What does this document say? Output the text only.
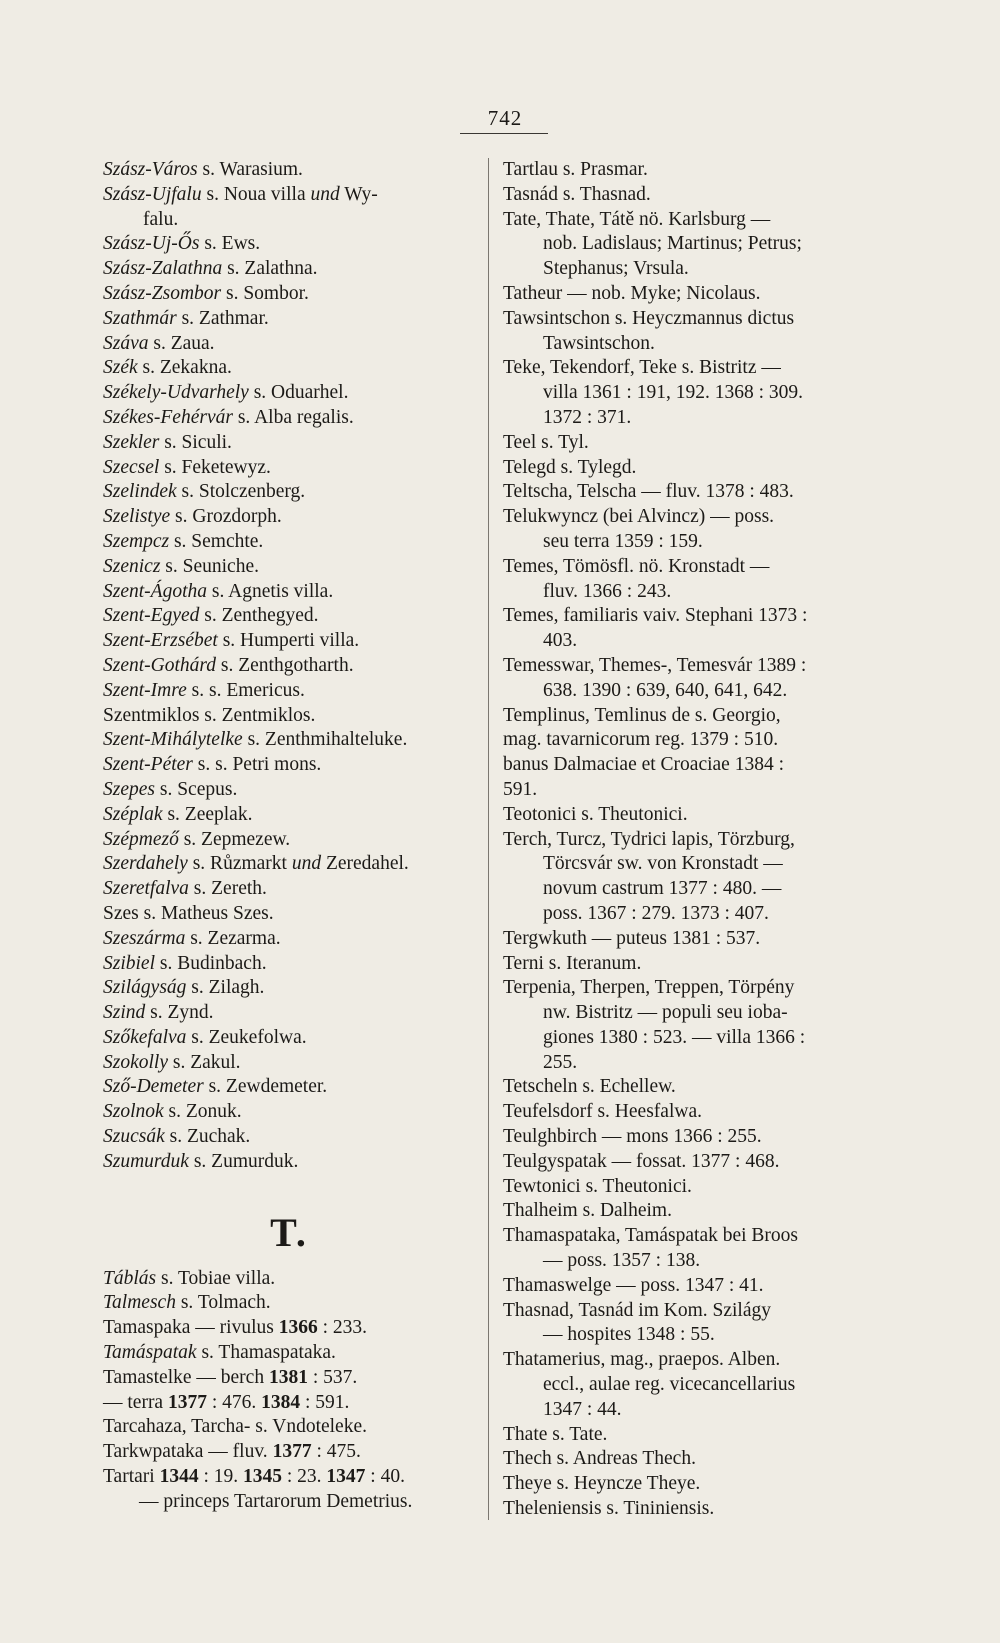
742
Szász-Város s. Warasium.
Szász-Ujfalu s. Noua villa und Wy-
falu.
Szász-Uj-Ős s. Ews.
Szász-Zalathna s. Zalathna.
Szász-Zsombor s. Sombor.
Szathmár s. Zathmar.
Száva s. Zaua.
Szék s. Zekakna.
Székely-Udvarhely s. Oduarhel.
Székes-Fehérvár s. Alba regalis.
Szekler s. Siculi.
Szecsel s. Feketewyz.
Szelindek s. Stolczenberg.
Szelistye s. Grozdorph.
Szempcz s. Semchte.
Szenicz s. Seuniche.
Szent-Ágotha s. Agnetis villa.
Szent-Egyed s. Zenthegyed.
Szent-Erzsébet s. Humperti villa.
Szent-Gothárd s. Zenthgotharth.
Szent-Imre s. s. Emericus.
Szentmiklos s. Zentmiklos.
Szent-Mihálytelke s. Zenthmihalteluke.
Szent-Péter s. s. Petri mons.
Szepes s. Scepus.
Széplak s. Zeeplak.
Szépmező s. Zepmezew.
Szerdahely s. Růzmarkt und Zeredahel.
Szeretfalva s. Zereth.
Szes s. Matheus Szes.
Szeszárma s. Zezarma.
Szibiel s. Budinbach.
Szilágyság s. Zilagh.
Szind s. Zynd.
Szőkefalva s. Zeukefolwa.
Szokolly s. Zakul.
Sző-Demeter s. Zewdemeter.
Szolnok s. Zonuk.
Szucsák s. Zuchak.
Szumurduk s. Zumurduk.
T.
Táblás s. Tobiae villa.
Talmesch s. Tolmach.
Tamaspaka — rivulus 1366 : 233.
Tamáspatak s. Thamaspataka.
Tamastelke — berch 1381 : 537.
— terra 1377 : 476. 1384 : 591.
Tarcahaza, Tarcha- s. Vndoteleke.
Tarkwpataka — fluv. 1377 : 475.
Tartari 1344 : 19. 1345 : 23. 1347 : 40.
— princeps Tartarorum Demetrius.
Tartlau s. Prasmar.
Tasnád s. Thasnad.
Tate, Thate, Tátě nö. Karlsburg —
nob. Ladislaus; Martinus; Petrus;
Stephanus; Vrsula.
Tatheur — nob. Myke; Nicolaus.
Tawsintschon s. Heyczmannus dictus
Tawsintschon.
Teke, Tekendorf, Teke s. Bistritz —
villa 1361 : 191, 192. 1368 : 309.
1372 : 371.
Teel s. Tyl.
Telegd s. Tylegd.
Teltscha, Telscha — fluv. 1378 : 483.
Telukwyncz (bei Alvincz) — poss.
seu terra 1359 : 159.
Temes, Tömösfl. nö. Kronstadt —
fluv. 1366 : 243.
Temes, familiaris vaiv. Stephani 1373 :
403.
Temesswar, Themes-, Temesvár 1389 :
638. 1390 : 639, 640, 641, 642.
Templinus, Temlinus de s. Georgio,
mag. tavarnicorum reg. 1379 : 510.
banus Dalmaciae et Croaciae 1384 :
591.
Teotonici s. Theutonici.
Terch, Turcz, Tydrici lapis, Törzburg,
Törcsvár sw. von Kronstadt —
novum castrum 1377 : 480. —
poss. 1367 : 279. 1373 : 407.
Tergwkuth — puteus 1381 : 537.
Terni s. Iteranum.
Terpenia, Therpen, Treppen, Törpény
nw. Bistritz — populi seu ioba-
giones 1380 : 523. — villa 1366 :
255.
Tetscheln s. Echellew.
Teufelsdorf s. Heesfalwa.
Teulghbirch — mons 1366 : 255.
Teulgyspatak — fossat. 1377 : 468.
Tewtonici s. Theutonici.
Thalheim s. Dalheim.
Thamaspataka, Tamáspatak bei Broos
— poss. 1357 : 138.
Thamaswelge — poss. 1347 : 41.
Thasnad, Tasnád im Kom. Szilágy
— hospites 1348 : 55.
Thatamerius, mag., praepos. Alben.
eccl., aulae reg. vicecancellarius
1347 : 44.
Thate s. Tate.
Thech s. Andreas Thech.
Theye s. Heyncze Theye.
Theleniensis s. Tininiensis.
